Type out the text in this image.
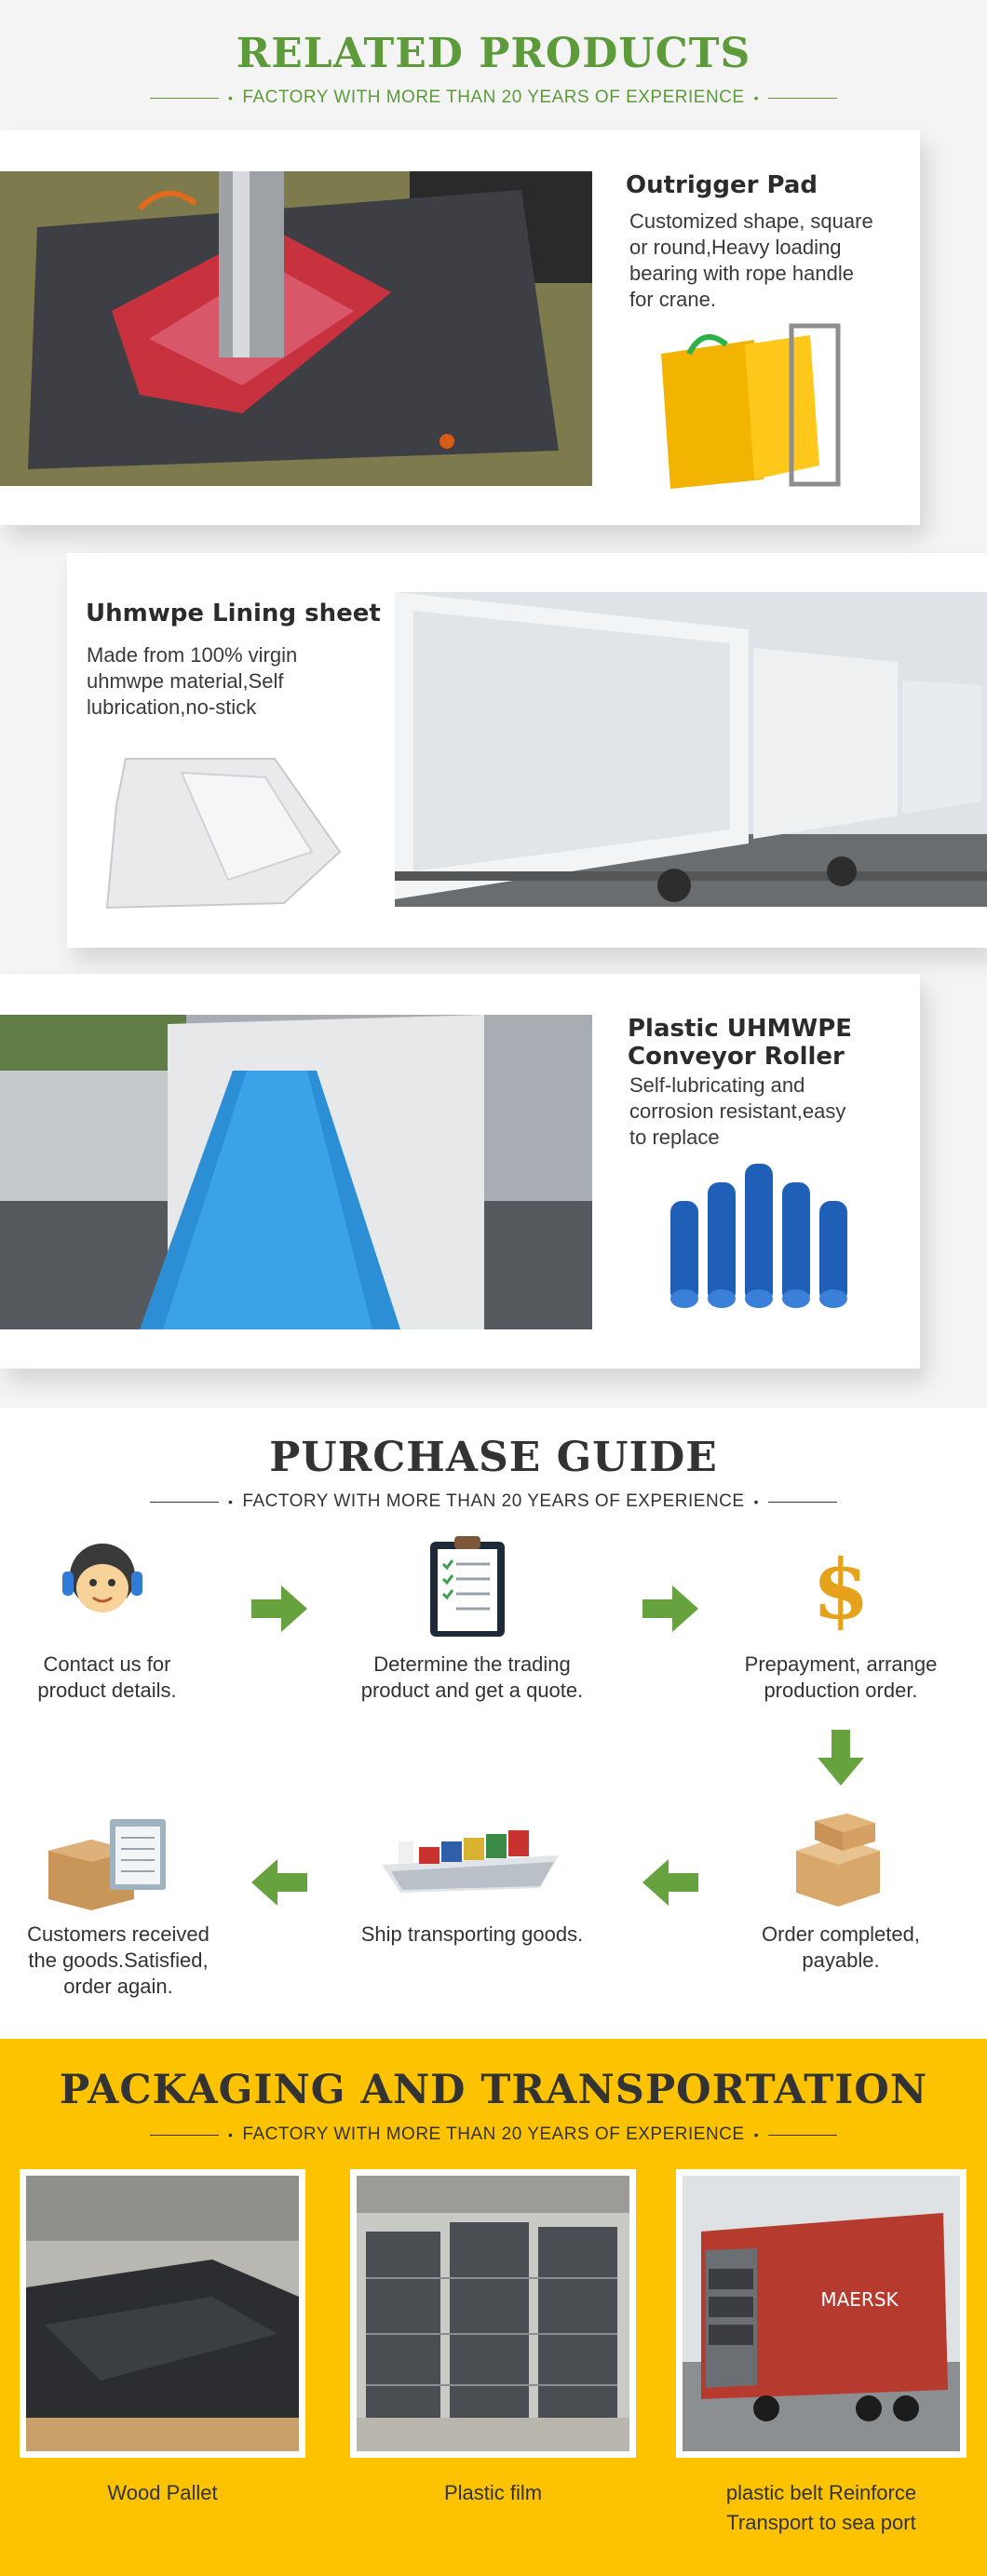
RELATED PRODUCTS
• FACTORY WITH MORE THAN 20 YEARS OF EXPERIENCE •
Outrigger Pad
Customized shape, square
or round,Heavy loading
bearing with rope handle
for crane.
Uhmwpe Lining sheet
Made from 100% virgin
uhmwpe material,Self
lubrication,no-stick
Plastic UHMWPE
Conveyor Roller
Self-lubricating and
corrosion resistant,easy
to replace
PURCHASE GUIDE
• FACTORY WITH MORE THAN 20 YEARS OF EXPERIENCE •
Contact us for
product details.
Determine the trading
product and get a quote.
$
Prepayment, arrange
production order.
Order completed,
payable.
Ship transporting goods.
Customers received
the goods.Satisfied,
order again.
PACKAGING AND TRANSPORTATION
• FACTORY WITH MORE THAN 20 YEARS OF EXPERIENCE •
Wood Pallet	Plastic film
MAERSK
plastic belt Reinforce
Transport to sea port
